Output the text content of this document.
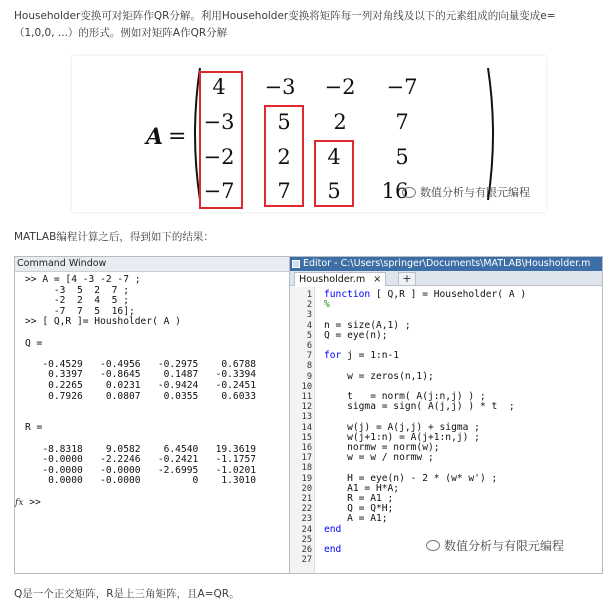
Householder变换可对矩阵作QR分解。利用Householder变换将矩阵每一列对角线及以下的元素组成的向量变成e=
（1,0,0, ...）的形式。例如对矩阵A作QR分解
A =
4	−3 −2 −7
−3	5	2	7
−2	2	4	5
−7	7	5	16	数值分析与有限元编程
MATLAB编程计算之后，得到如下的结果：
Command Window
>> A = [4 -3 -2 -7 ;
-3  5  2  7 ;
-2  2  4  5 ;
-7  7  5  16];
>> [ Q,R ]= Housholder( A )

Q =

-0.4529   -0.4956   -0.2975    0.6788
0.3397   -0.8645    0.1487   -0.3394
0.2265    0.0231   -0.9424   -0.2451
0.7926    0.0807    0.0355    0.6033

R =

-8.8318    9.0582    6.4540   19.3619
-0.0000   -2.2246   -0.2421   -1.1757
-0.0000   -0.0000   -2.6995   -1.0201
0.0000   -0.0000         0    1.3010
fx >>
Editor - C:\Users\springer\Documents\MATLAB\Housholder.m
Housholder.m ×	+
1
2
3
4
5
6
7
8
9
10
11
12
13
14
15
16
17
18
19
20
21
22
23
24
25
26
27
function [ Q,R ] = Householder( A )
%

n = size(A,1) ;
Q = eye(n);

for j = 1:n-1

w = zeros(n,1);

t   = norm( A(j:n,j) ) ;
sigma = sign( A(j,j) ) * t  ;

w(j) = A(j,j) + sigma ;
w(j+1:n) = A(j+1:n,j) ;
normw = norm(w);
w = w / normw ;

H = eye(n) - 2 * (w* w') ;
A1 = H*A;
R = A1 ;
Q = Q*H;
A = A1;
end

end
	数值分析与有限元编程
Q是一个正交矩阵，R是上三角矩阵，且A=QR。
